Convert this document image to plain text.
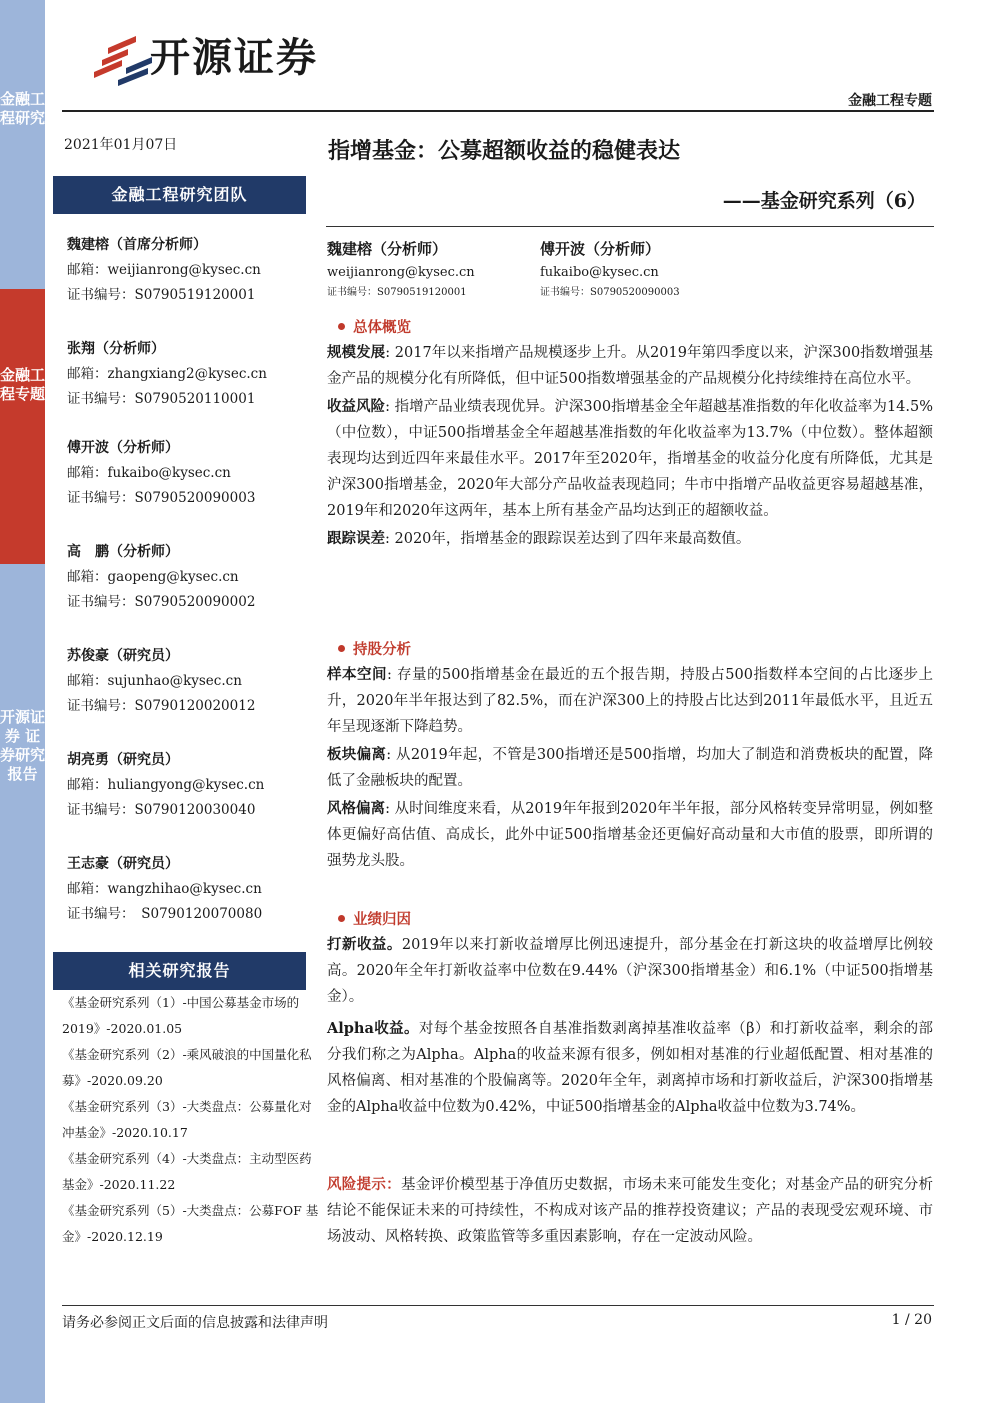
金融工程研究
金融工程专题
开源证券 证券研究报告
开源证券
金融工程专题
2021年01月07日
金融工程研究团队
魏建榕（首席分析师）
邮箱：weijianrong@kysec.cn
证书编号：S0790519120001
张翔（分析师）
邮箱：zhangxiang2@kysec.cn
证书编号：S0790520110001
傅开波（分析师）
邮箱：fukaibo@kysec.cn
证书编号：S0790520090003
高　鹏（分析师）
邮箱：gaopeng@kysec.cn
证书编号：S0790520090002
苏俊豪（研究员）
邮箱：sujunhao@kysec.cn
证书编号：S0790120020012
胡亮勇（研究员）
邮箱：huliangyong@kysec.cn
证书编号：S0790120030040
王志豪（研究员）
邮箱：wangzhihao@kysec.cn
证书编号：　S0790120070080
相关研究报告
《基金研究系列（1）-中国公募基金市场的 2019》-2020.01.05
《基金研究系列（2）-乘风破浪的中国量化私募》-2020.09.20
《基金研究系列（3）-大类盘点：公募量化对冲基金》-2020.10.17
《基金研究系列（4）-大类盘点：主动型医药基金》-2020.11.22
《基金研究系列（5）-大类盘点：公募FOF 基金》-2020.12.19
指增基金：公募超额收益的稳健表达
——基金研究系列（6）
魏建榕（分析师）
weijianrong@kysec.cn
证书编号：S0790519120001
傅开波（分析师）
fukaibo@kysec.cn
证书编号：S0790520090003
总体概览
规模发展: 2017年以来指增产品规模逐步上升。从2019年第四季度以来，沪深300指数增强基金产品的规模分化有所降低，但中证500指数增强基金的产品规模分化持续维持在高位水平。
收益风险: 指增产品业绩表现优异。沪深300指增基金全年超越基准指数的年化收益率为14.5%（中位数），中证500指增基金全年超越基准指数的年化收益率为13.7%（中位数）。整体超额表现均达到近四年来最佳水平。2017年至2020年，指增基金的收益分化度有所降低，尤其是沪深300指增基金，2020年大部分产品收益表现趋同；牛市中指增产品收益更容易超越基准，2019年和2020年这两年，基本上所有基金产品均达到正的超额收益。
跟踪误差: 2020年，指增基金的跟踪误差达到了四年来最高数值。
持股分析
样本空间: 存量的500指增基金在最近的五个报告期，持股占500指数样本空间的占比逐步上升，2020年半年报达到了82.5%，而在沪深300上的持股占比达到2011年最低水平，且近五年呈现逐渐下降趋势。
板块偏离: 从2019年起，不管是300指增还是500指增，均加大了制造和消费板块的配置，降低了金融板块的配置。
风格偏离: 从时间维度来看，从2019年年报到2020年半年报，部分风格转变异常明显，例如整体更偏好高估值、高成长，此外中证500指增基金还更偏好高动量和大市值的股票，即所谓的强势龙头股。
业绩归因
打新收益。2019年以来打新收益增厚比例迅速提升，部分基金在打新这块的收益增厚比例较高。2020年全年打新收益率中位数在9.44%（沪深300指增基金）和6.1%（中证500指增基金）。
Alpha收益。对每个基金按照各自基准指数剥离掉基准收益率（β）和打新收益率，剩余的部分我们称之为Alpha。Alpha的收益来源有很多，例如相对基准的行业超低配置、相对基准的风格偏离、相对基准的个股偏离等。2020年全年，剥离掉市场和打新收益后，沪深300指增基金的Alpha收益中位数为0.42%，中证500指增基金的Alpha收益中位数为3.74%。
风险提示：基金评价模型基于净值历史数据，市场未来可能发生变化；对基金产品的研究分析结论不能保证未来的可持续性，不构成对该产品的推荐投资建议；产品的表现受宏观环境、市场波动、风格转换、政策监管等多重因素影响，存在一定波动风险。
请务必参阅正文后面的信息披露和法律声明	1 / 20
